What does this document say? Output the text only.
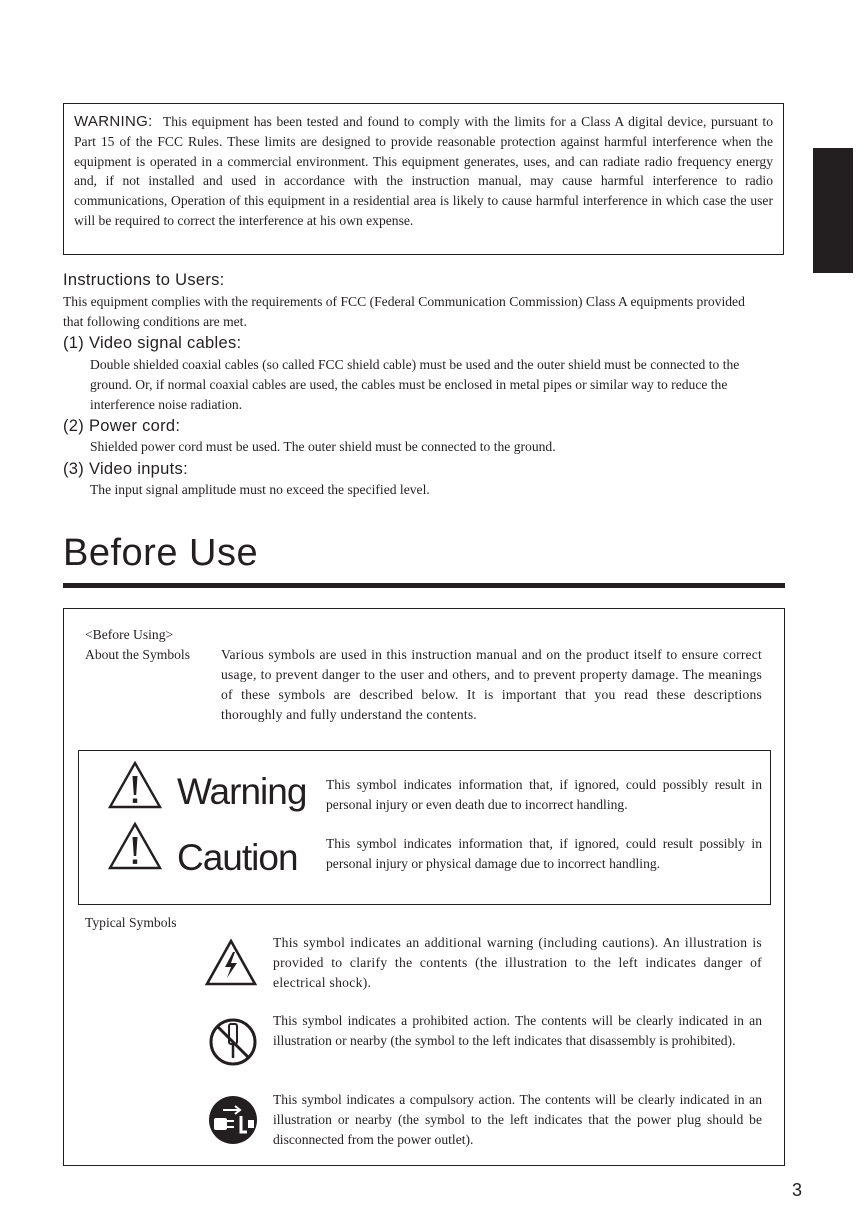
WARNING: This equipment has been tested and found to comply with the limits for a Class A digital device, pursuant to Part 15 of the FCC Rules. These limits are designed to provide reasonable protection against harmful interference when the equipment is operated in a commercial environment. This equipment generates, uses, and can radiate radio frequency energy and, if not installed and used in accordance with the instruction manual, may cause harmful interference to radio communications, Operation of this equipment in a residential area is likely to cause harmful interference in which case the user will be required to correct the interference at his own expense.
Instructions to Users:
This equipment complies with the requirements of FCC (Federal Communication Commission) Class A equipments provided that following conditions are met.
(1) Video signal cables:
Double shielded coaxial cables (so called FCC shield cable) must be used and the outer shield must be connected to the ground. Or, if normal coaxial cables are used, the cables must be enclosed in metal pipes or similar way to reduce the interference noise radiation.
(2) Power cord:
Shielded power cord must be used. The outer shield must be connected to the ground.
(3) Video inputs:
The input signal amplitude must no exceed the specified level.
Before Use
<Before Using>
About the Symbols Various symbols are used in this instruction manual and on the product itself to ensure correct usage, to prevent danger to the user and others, and to prevent property damage. The meanings of these symbols are described below. It is important that you read these descriptions thoroughly and fully understand the contents.
Warning This symbol indicates information that, if ignored, could possibly result in personal injury or even death due to incorrect handling.
Caution This symbol indicates information that, if ignored, could result possibly in personal injury or physical damage due to incorrect handling.
Typical Symbols
This symbol indicates an additional warning (including cautions). An illustration is provided to clarify the contents (the illustration to the left indicates danger of electrical shock).
This symbol indicates a prohibited action. The contents will be clearly indicated in an illustration or nearby (the symbol to the left indicates that disassembly is prohibited).
This symbol indicates a compulsory action. The contents will be clearly indicated in an illustration or nearby (the symbol to the left indicates that the power plug should be disconnected from the power outlet).
3
